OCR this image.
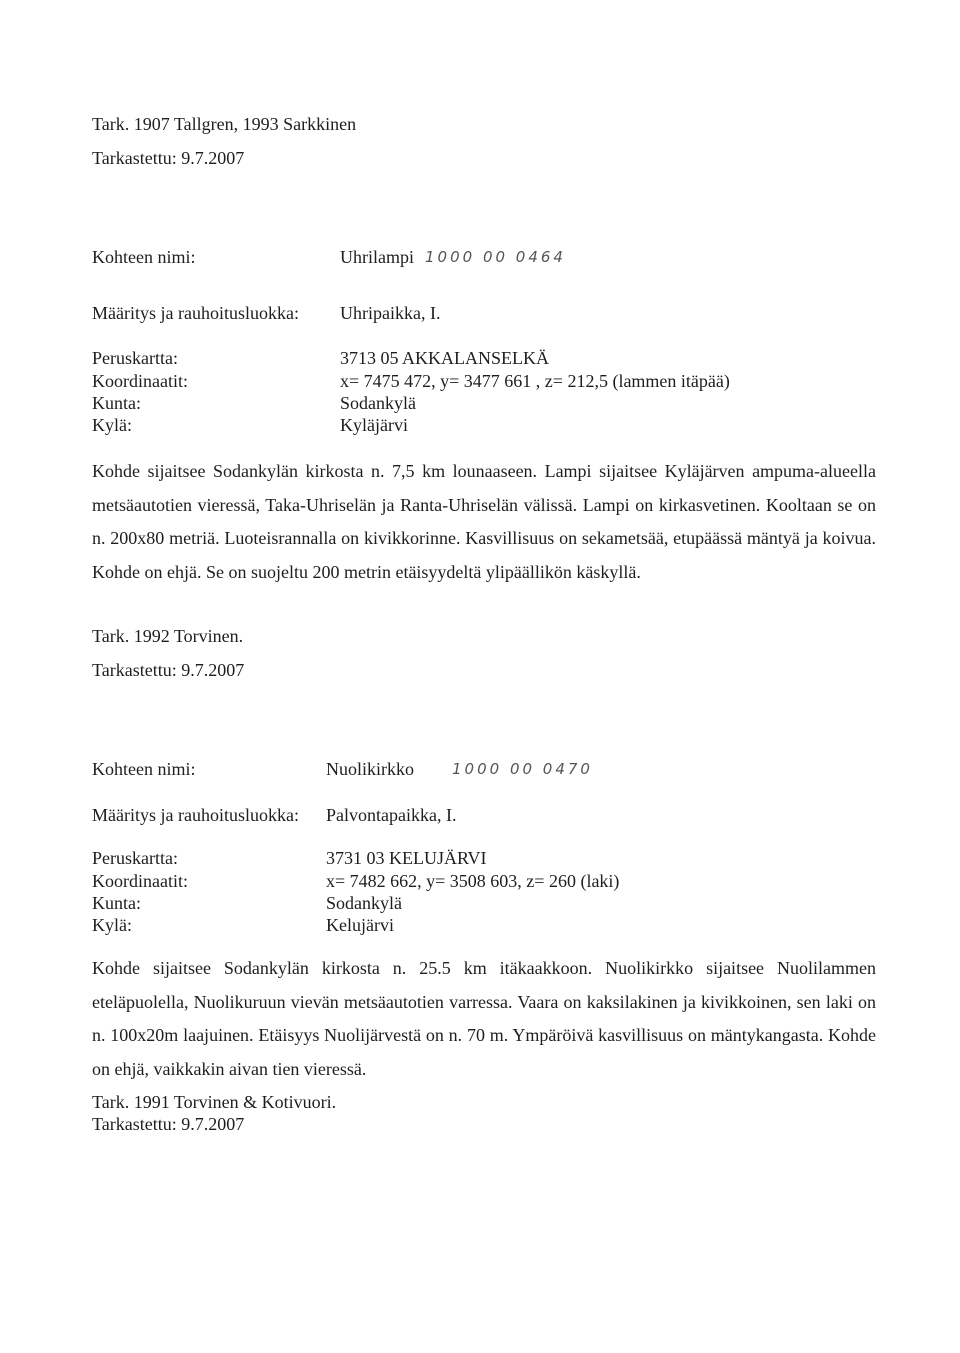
Tark. 1907 Tallgren, 1993 Sarkkinen
Tarkastettu: 9.7.2007
Kohteen nimi:	Uhrilampi 1000 00 0464
Määritys ja rauhoitusluokka: Uhripaikka, I.
Peruskartta:	3713 05 AKKALANSELKÄ
Koordinaatit:	x= 7475 472, y= 3477 661 , z= 212,5 (lammen itäpää)
Kunta:	Sodankylä
Kylä:	Kyläjärvi
Kohde sijaitsee Sodankylän kirkosta n. 7,5 km lounaaseen. Lampi sijaitsee Kyläjärven ampuma-alueella metsäautotien vieressä, Taka-Uhriselän ja Ranta-Uhriselän välissä. Lampi on kirkasvetinen. Kooltaan se on n. 200x80 metriä. Luoteisrannalla on kivikkorinne. Kasvillisuus on sekametsää, etupäässä mäntyä ja koivua. Kohde on ehjä. Se on suojeltu 200 metrin etäisyydeltä ylipäällikön käskyllä.
Tark. 1992 Torvinen.
Tarkastettu: 9.7.2007
Kohteen nimi:	Nuolikirkko	1000 00 0470
Määritys ja rauhoitusluokka: Palvontapaikka, I.
Peruskartta:	3731 03 KELUJÄRVI
Koordinaatit:	x= 7482 662, y= 3508 603, z= 260 (laki)
Kunta:	Sodankylä
Kylä:	Kelujärvi
Kohde sijaitsee Sodankylän kirkosta n. 25.5 km itäkaakkoon. Nuolikirkko sijaitsee Nuolilammen eteläpuolella, Nuolikuruun vievän metsäautotien varressa. Vaara on kaksilakinen ja kivikkoinen, sen laki on n. 100x20m laajuinen. Etäisyys Nuolijärvestä on n. 70 m. Ympäröivä kasvillisuus on mäntykangasta. Kohde on ehjä, vaikkakin aivan tien vieressä.
Tark. 1991 Torvinen & Kotivuori.
Tarkastettu: 9.7.2007
